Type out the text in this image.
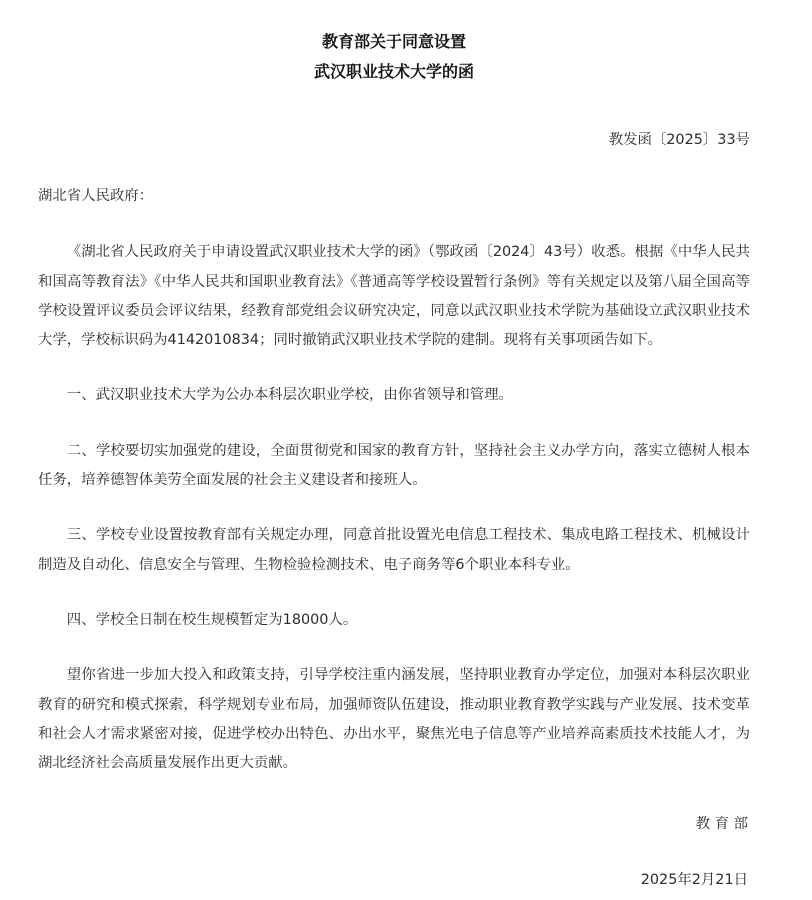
教育部关于同意设置
武汉职业技术大学的函
教发函〔2025〕33号
湖北省人民政府：

《湖北省人民政府关于申请设置武汉职业技术大学的函》（鄂政函〔2024〕43号）收悉。根据《中华人民共和国高等教育法》《中华人民共和国职业教育法》《普通高等学校设置暂行条例》等有关规定以及第八届全国高等学校设置评议委员会评议结果，经教育部党组会议研究决定，同意以武汉职业技术学院为基础设立武汉职业技术大学，学校标识码为4142010834；同时撤销武汉职业技术学院的建制。现将有关事项函告如下。

一、武汉职业技术大学为公办本科层次职业学校，由你省领导和管理。

二、学校要切实加强党的建设，全面贯彻党和国家的教育方针，坚持社会主义办学方向，落实立德树人根本任务，培养德智体美劳全面发展的社会主义建设者和接班人。

三、学校专业设置按教育部有关规定办理，同意首批设置光电信息工程技术、集成电路工程技术、机械设计制造及自动化、信息安全与管理、生物检验检测技术、电子商务等6个职业本科专业。

四、学校全日制在校生规模暂定为18000人。

望你省进一步加大投入和政策支持，引导学校注重内涵发展，坚持职业教育办学定位，加强对本科层次职业教育的研究和模式探索，科学规划专业布局，加强师资队伍建设，推动职业教育教学实践与产业发展、技术变革和社会人才需求紧密对接，促进学校办出特色、办出水平，聚焦光电子信息等产业培养高素质技术技能人才，为湖北经济社会高质量发展作出更大贡献。

教 育 部
2025年2月21日
